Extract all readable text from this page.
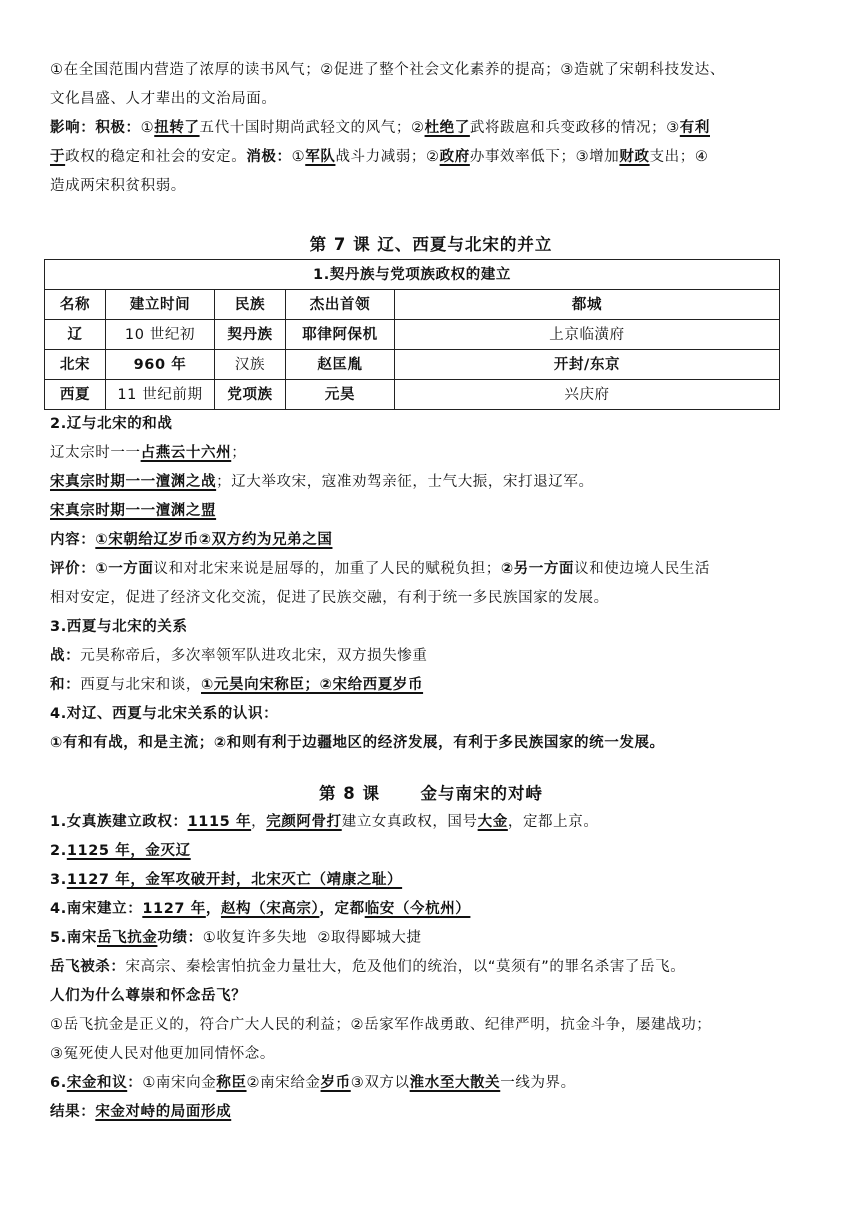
①在全国范围内营造了浓厚的读书风气；②促进了整个社会文化素养的提高；③造就了宋朝科技发达、

文化昌盛、人才辈出的文治局面。

影响：积极：①扭转了五代十国时期尚武轻文的风气；②杜绝了武将跋扈和兵变政移的情况；③有利
于政权的稳定和社会的安定。消极：①军队战斗力减弱；②政府办事效率低下；③增加财政支出；④
造成两宋积贫积弱。

第 7 课 辽、西夏与北宋的并立
1.契丹族与党项族政权的建立				
名称	建立时间	民族	杰出首领	都城
辽	10 世纪初	契丹族	耶律阿保机	上京临潢府
北宋	960 年	汉族	赵匡胤	开封/东京
西夏	11 世纪前期	党项族	元昊	兴庆府

2.辽与北宋的和战

辽太宗时一一占燕云十六州；

宋真宗时期一一澶渊之战；辽大举攻宋，寇准劝驾亲征，士气大振，宋打退辽军。

宋真宗时期一一澶渊之盟

内容：①宋朝给辽岁币②双方约为兄弟之国

评价：①一方面议和对北宋来说是屈辱的，加重了人民的赋税负担；②另一方面议和使边境人民生活
相对安定，促进了经济文化交流，促进了民族交融，有利于统一多民族国家的发展。

3.西夏与北宋的关系

战：元昊称帝后，多次率领军队进攻北宋，双方损失惨重

和：西夏与北宋和谈，①元昊向宋称臣；②宋给西夏岁币

4.对辽、西夏与北宋关系的认识：

①有和有战，和是主流；②和则有利于边疆地区的经济发展，有利于多民族国家的统一发展。

第 8 课      金与南宋的对峙

1.女真族建立政权：1115 年，完颜阿骨打建立女真政权，国号大金，定都上京。

2.1125 年，金灭辽

3.1127 年，金军攻破开封，北宋灭亡（靖康之耻）

4.南宋建立：1127 年，赵构（宋高宗），定都临安（今杭州）

5.南宋岳飞抗金功绩：①收复许多失地  ②取得郾城大捷

岳飞被杀：宋高宗、秦桧害怕抗金力量壮大，危及他们的统治，以“莫须有”的罪名杀害了岳飞。

人们为什么尊崇和怀念岳飞？

①岳飞抗金是正义的，符合广大人民的利益；②岳家军作战勇敢、纪律严明，抗金斗争，屡建战功；

③冤死使人民对他更加同情怀念。

6.宋金和议：①南宋向金称臣②南宋给金岁币③双方以淮水至大散关一线为界。

结果：宋金对峙的局面形成
